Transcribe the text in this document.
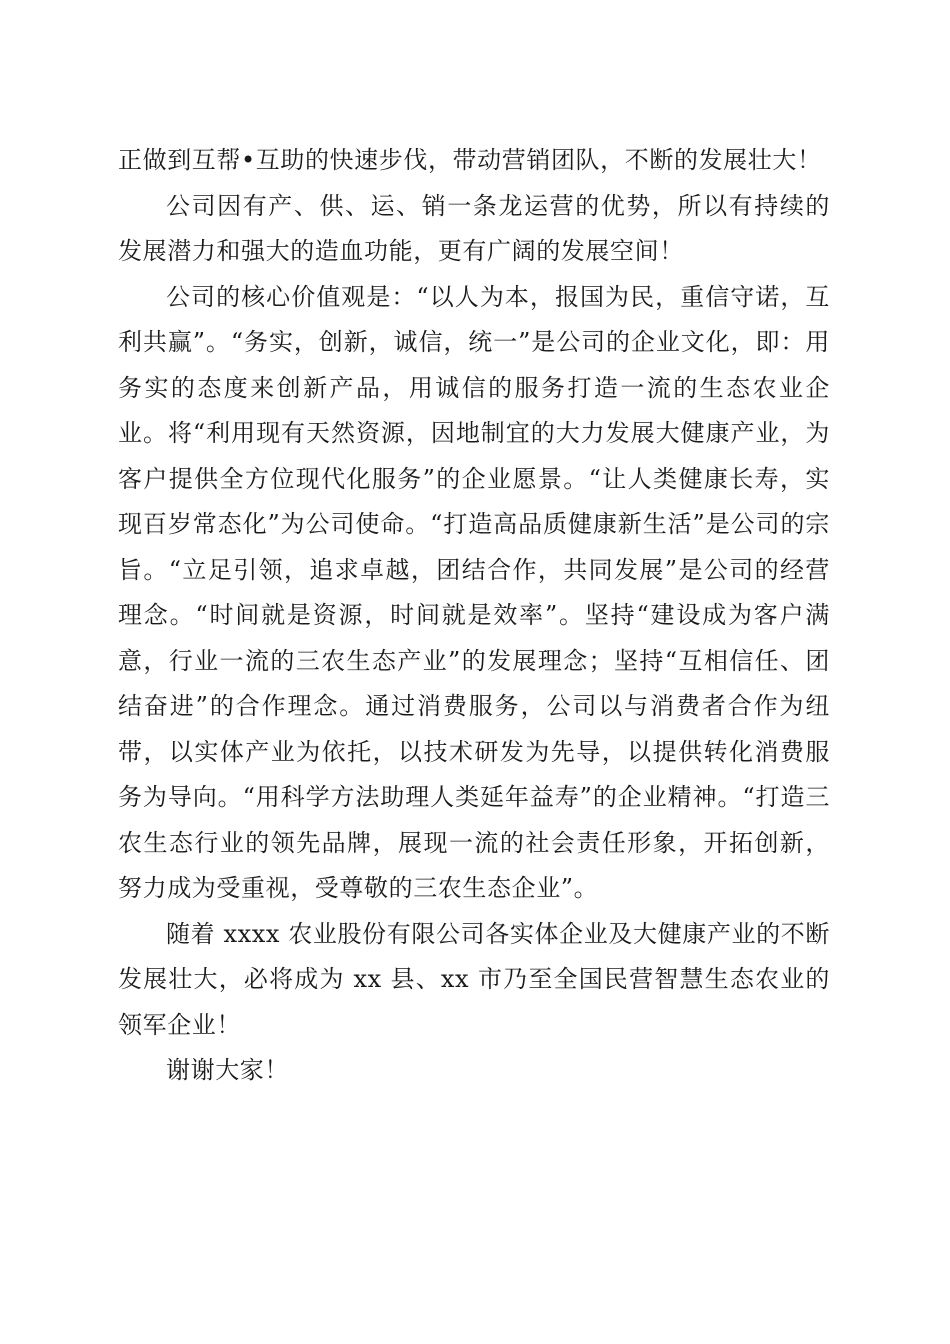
正做到互帮•互助的快速步伐，带动营销团队，不断的发展壮大！

公司因有产、供、运、销一条龙运营的优势，所以有持续的发展潜力和强大的造血功能，更有广阔的发展空间！

公司的核心价值观是：“以人为本，报国为民，重信守诺，互利共赢”。“务实，创新，诚信，统一”是公司的企业文化，即：用务实的态度来创新产品，用诚信的服务打造一流的生态农业企业。将“利用现有天然资源，因地制宜的大力发展大健康产业，为客户提供全方位现代化服务”的企业愿景。“让人类健康长寿，实现百岁常态化”为公司使命。“打造高品质健康新生活”是公司的宗旨。“立足引领，追求卓越，团结合作，共同发展”是公司的经营理念。“时间就是资源，时间就是效率”。坚持“建设成为客户满意，行业一流的三农生态产业”的发展理念；坚持“互相信任、团结奋进”的合作理念。通过消费服务，公司以与消费者合作为纽带，以实体产业为依托，以技术研发为先导，以提供转化消费服务为导向。“用科学方法助理人类延年益寿”的企业精神。“打造三农生态行业的领先品牌，展现一流的社会责任形象，开拓创新，努力成为受重视，受尊敬的三农生态企业”。

随着 xxxx 农业股份有限公司各实体企业及大健康产业的不断发展壮大，必将成为 xx 县、xx 市乃至全国民营智慧生态农业的领军企业！

谢谢大家！
